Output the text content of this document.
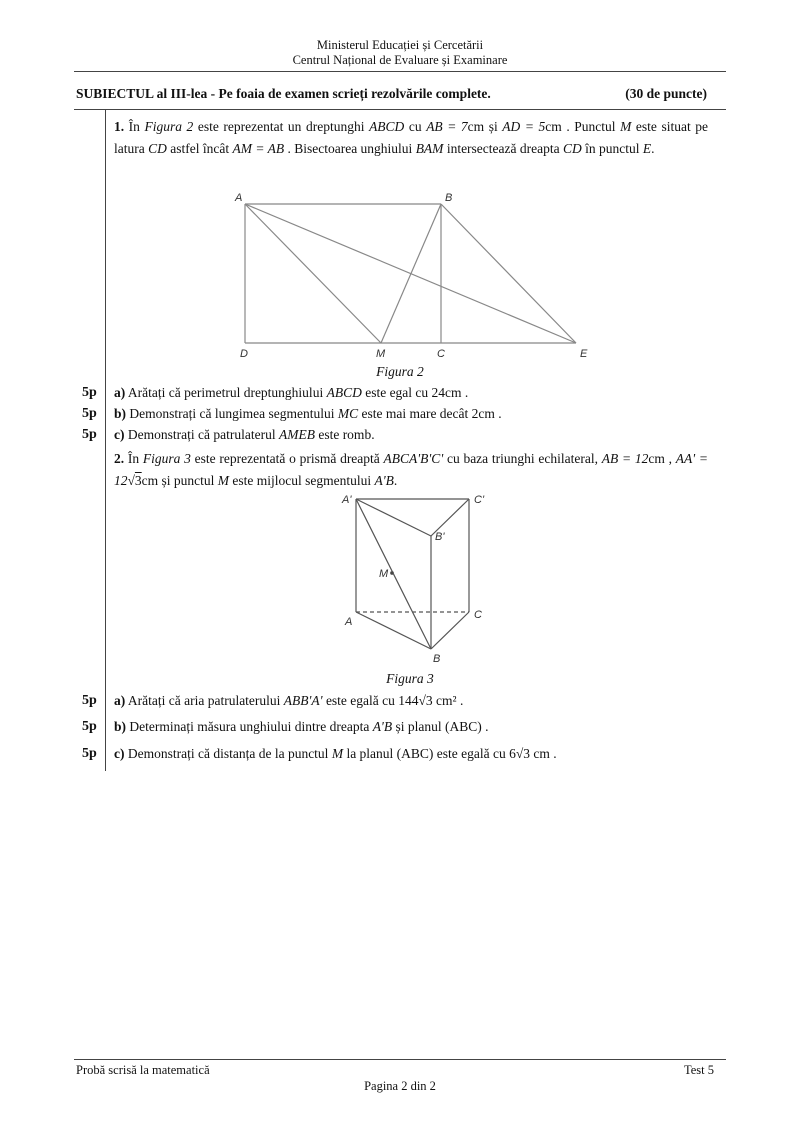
Ministerul Educației și Cercetării
Centrul Național de Evaluare și Examinare
SUBIECTUL al III-lea - Pe foaia de examen scrieți rezolvările complete.	(30 de puncte)
1. În Figura 2 este reprezentat un dreptunghi ABCD cu AB = 7cm și AD = 5cm . Punctul M este situat pe latura CD astfel încât AM = AB . Bisectoarea unghiului BAM intersectează dreapta CD în punctul E.
A	B
D	M	C	E
Figura 2
5p a) Arătați că perimetrul dreptunghiului ABCD este egal cu 24cm .
5p b) Demonstrați că lungimea segmentului MC este mai mare decât 2cm .
5p c) Demonstrați că patrulaterul AMEB este romb.
2. În Figura 3 este reprezentată o prismă dreaptă ABCA'B'C' cu baza triunghi echilateral, AB = 12cm , AA' = 12√3cm și punctul M este mijlocul segmentului A'B.
A'	C'
B'
M
A
C
B
Figura 3
5p a) Arătați că aria patrulaterului ABB'A' este egală cu 144√3 cm² .
5p b) Determinați măsura unghiului dintre dreapta A'B și planul (ABC) .
5p c) Demonstrați că distanța de la punctul M la planul (ABC) este egală cu 6√3 cm .
Probă scrisă la matematică	Test 5
Pagina 2 din 2
